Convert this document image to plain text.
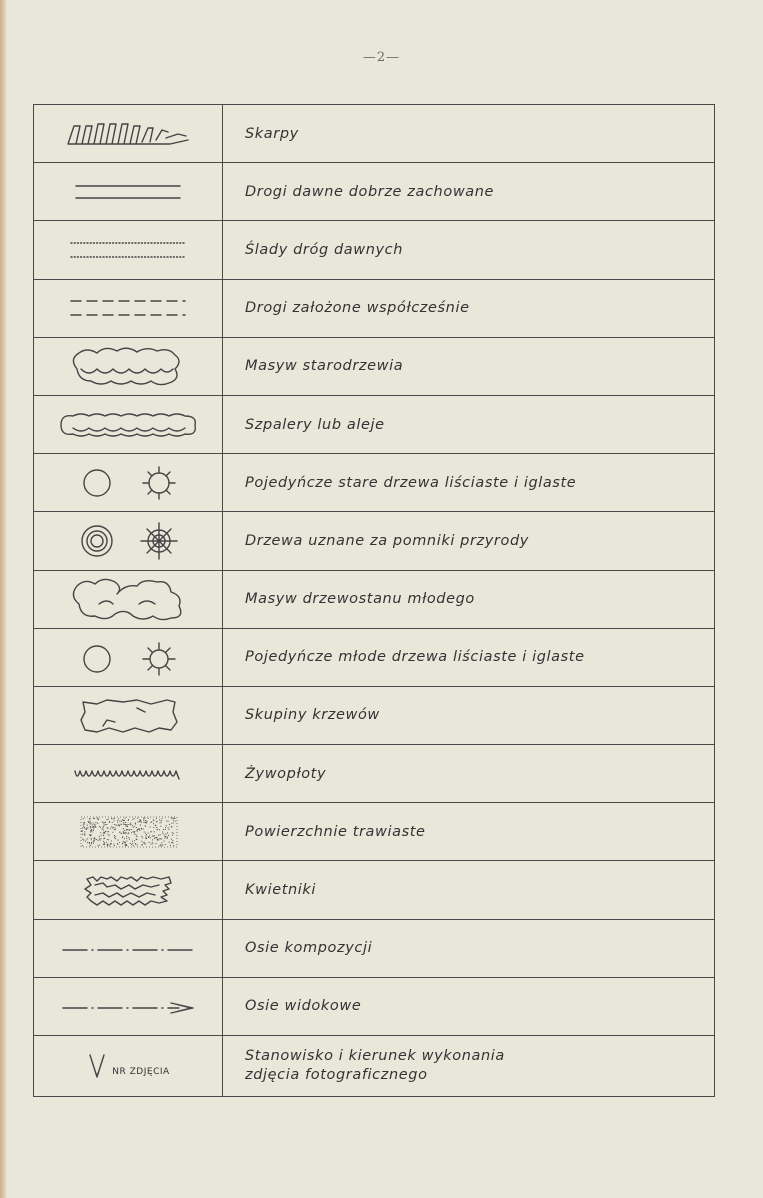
—2—
Skarpy
Drogi dawne dobrze zachowane
Ślady dróg dawnych
Drogi założone współcześnie
Masyw starodrzewia
Szpalery lub aleje
Pojedyńcze stare drzewa liściaste i iglaste
Drzewa uznane za pomniki przyrody
Masyw drzewostanu młodego
Pojedyńcze młode drzewa liściaste i iglaste
Skupiny krzewów
Żywopłoty
Powierzchnie trawiaste
Kwietniki
Osie kompozycji
Osie widokowe
NR ZDJĘCIA
Stanowisko i kierunek wykonania
zdjęcia fotograficznego
